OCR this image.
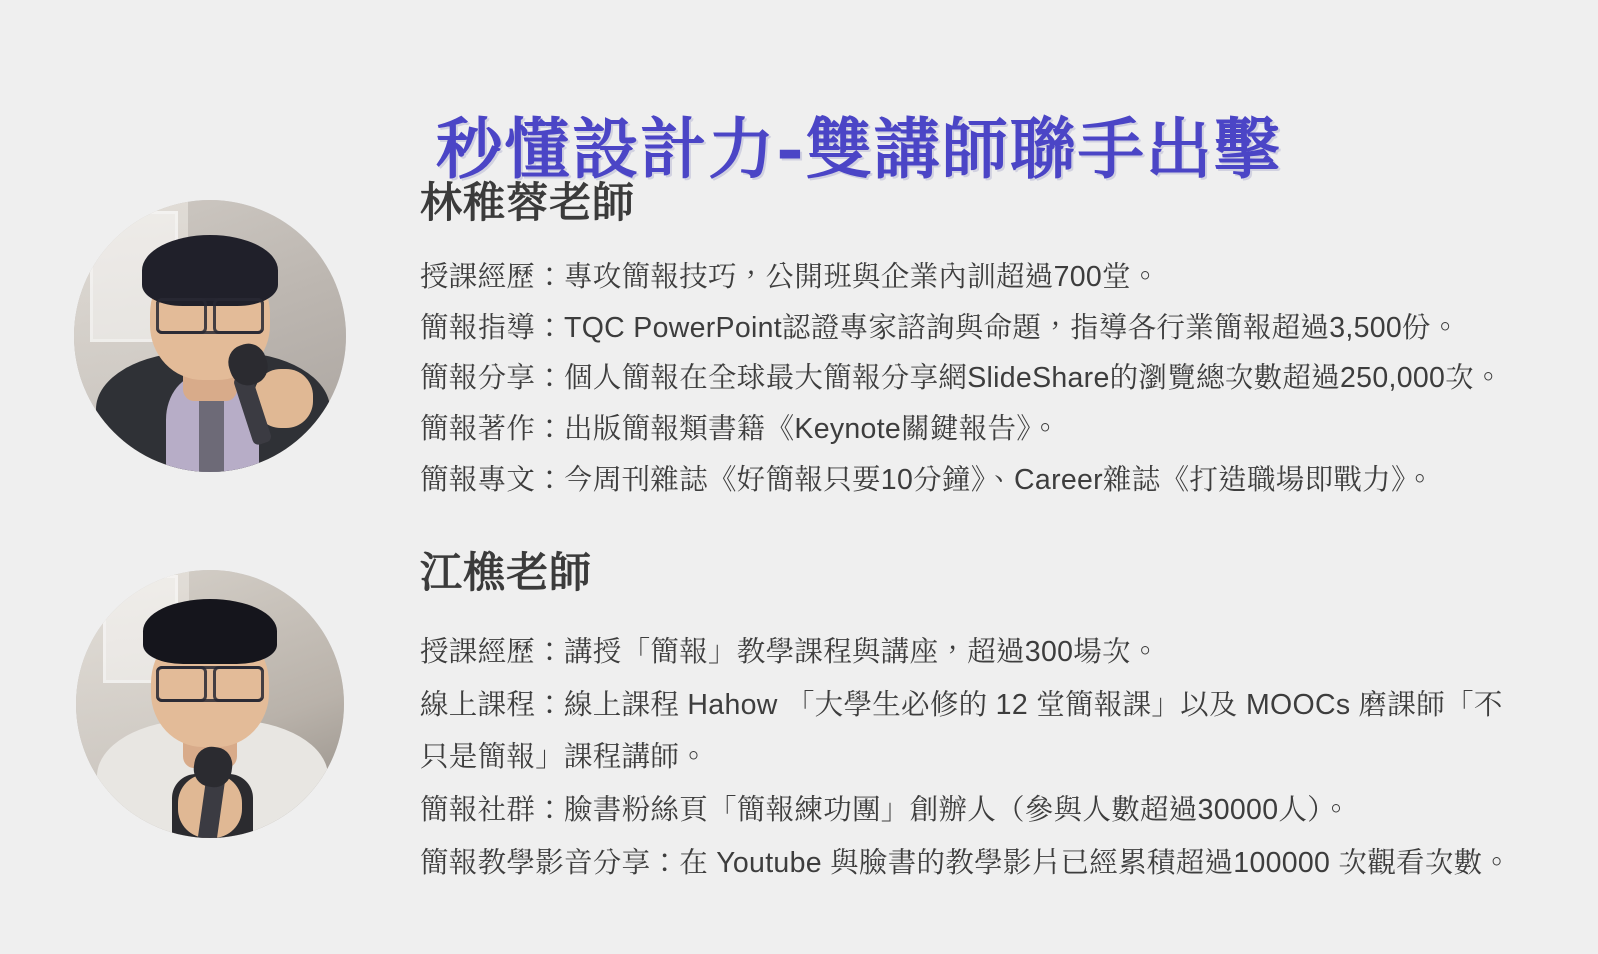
秒懂設計力-雙講師聯手出擊
林稚蓉老師
授課經歷：專攻簡報技巧，公開班與企業內訓超過700堂。
簡報指導：TQC PowerPoint認證專家諮詢與命題，指導各行業簡報超過3,500份。
簡報分享：個人簡報在全球最大簡報分享網SlideShare的瀏覽總次數超過250,000次。
簡報著作：出版簡報類書籍《Keynote關鍵報告》。
簡報專文：今周刊雜誌《好簡報只要10分鐘》、Career雜誌《打造職場即戰力》。
江樵老師
授課經歷：講授「簡報」教學課程與講座，超過300場次。
線上課程：線上課程 Hahow 「大學生必修的 12 堂簡報課」以及 MOOCs 磨課師「不只是簡報」課程講師。
簡報社群：臉書粉絲頁「簡報練功團」創辦人（參與人數超過30000人）。
簡報教學影音分享：在 Youtube 與臉書的教學影片已經累積超過100000 次觀看次數。
